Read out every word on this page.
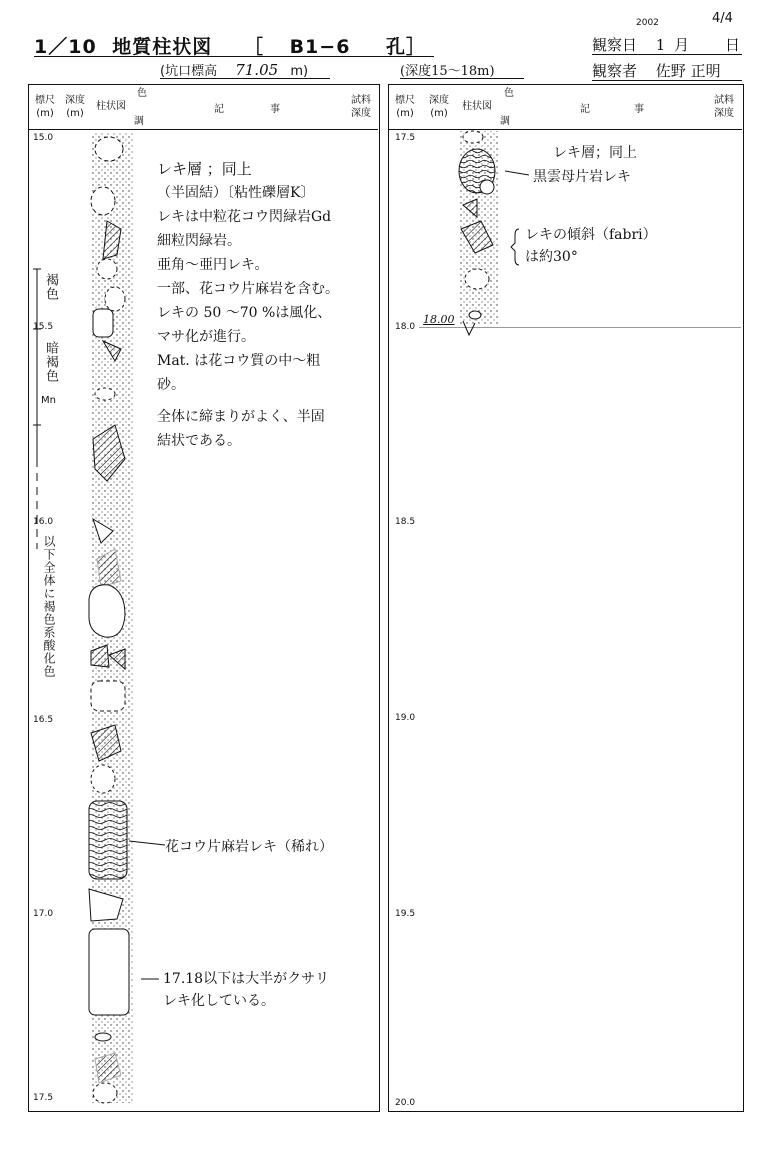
2002	4/4
1／10 地質柱状図 ［ B1−6 孔］	観察日 1 月 日
(坑口標高 71.05 m)	(深度15〜18m)	観察者 佐野 正明
標尺
(m)
深度
(m)
柱状図
色
調
記	事
試料
深度
15.0
15.5
16.0
16.5
17.0
17.5
褐色
暗褐色
Mn
以下全体に褐色系酸化色
レキ層 ；同上
（半固結）〔粘性礫層K〕
レキは中粒花コウ閃緑岩Gd
細粒閃緑岩。
亜角〜亜円レキ。
一部、花コウ片麻岩を含む。
レキの 50 〜70 %は風化、
マサ化が進行。
Mat. は花コウ質の中〜粗
砂。
全体に締まりがよく、半固
結状である。
花コウ片麻岩レキ（稀れ）
17.18以下は大半がクサリ
レキ化している。
標尺
(m)
深度
(m)
柱状図
色
調
記	事
試料
深度
17.5
18.0
18.5
19.0
19.5
20.0
18.00
レキ層；同上
黒雲母片岩レキ
レキの傾斜（fabri）
は約30°
